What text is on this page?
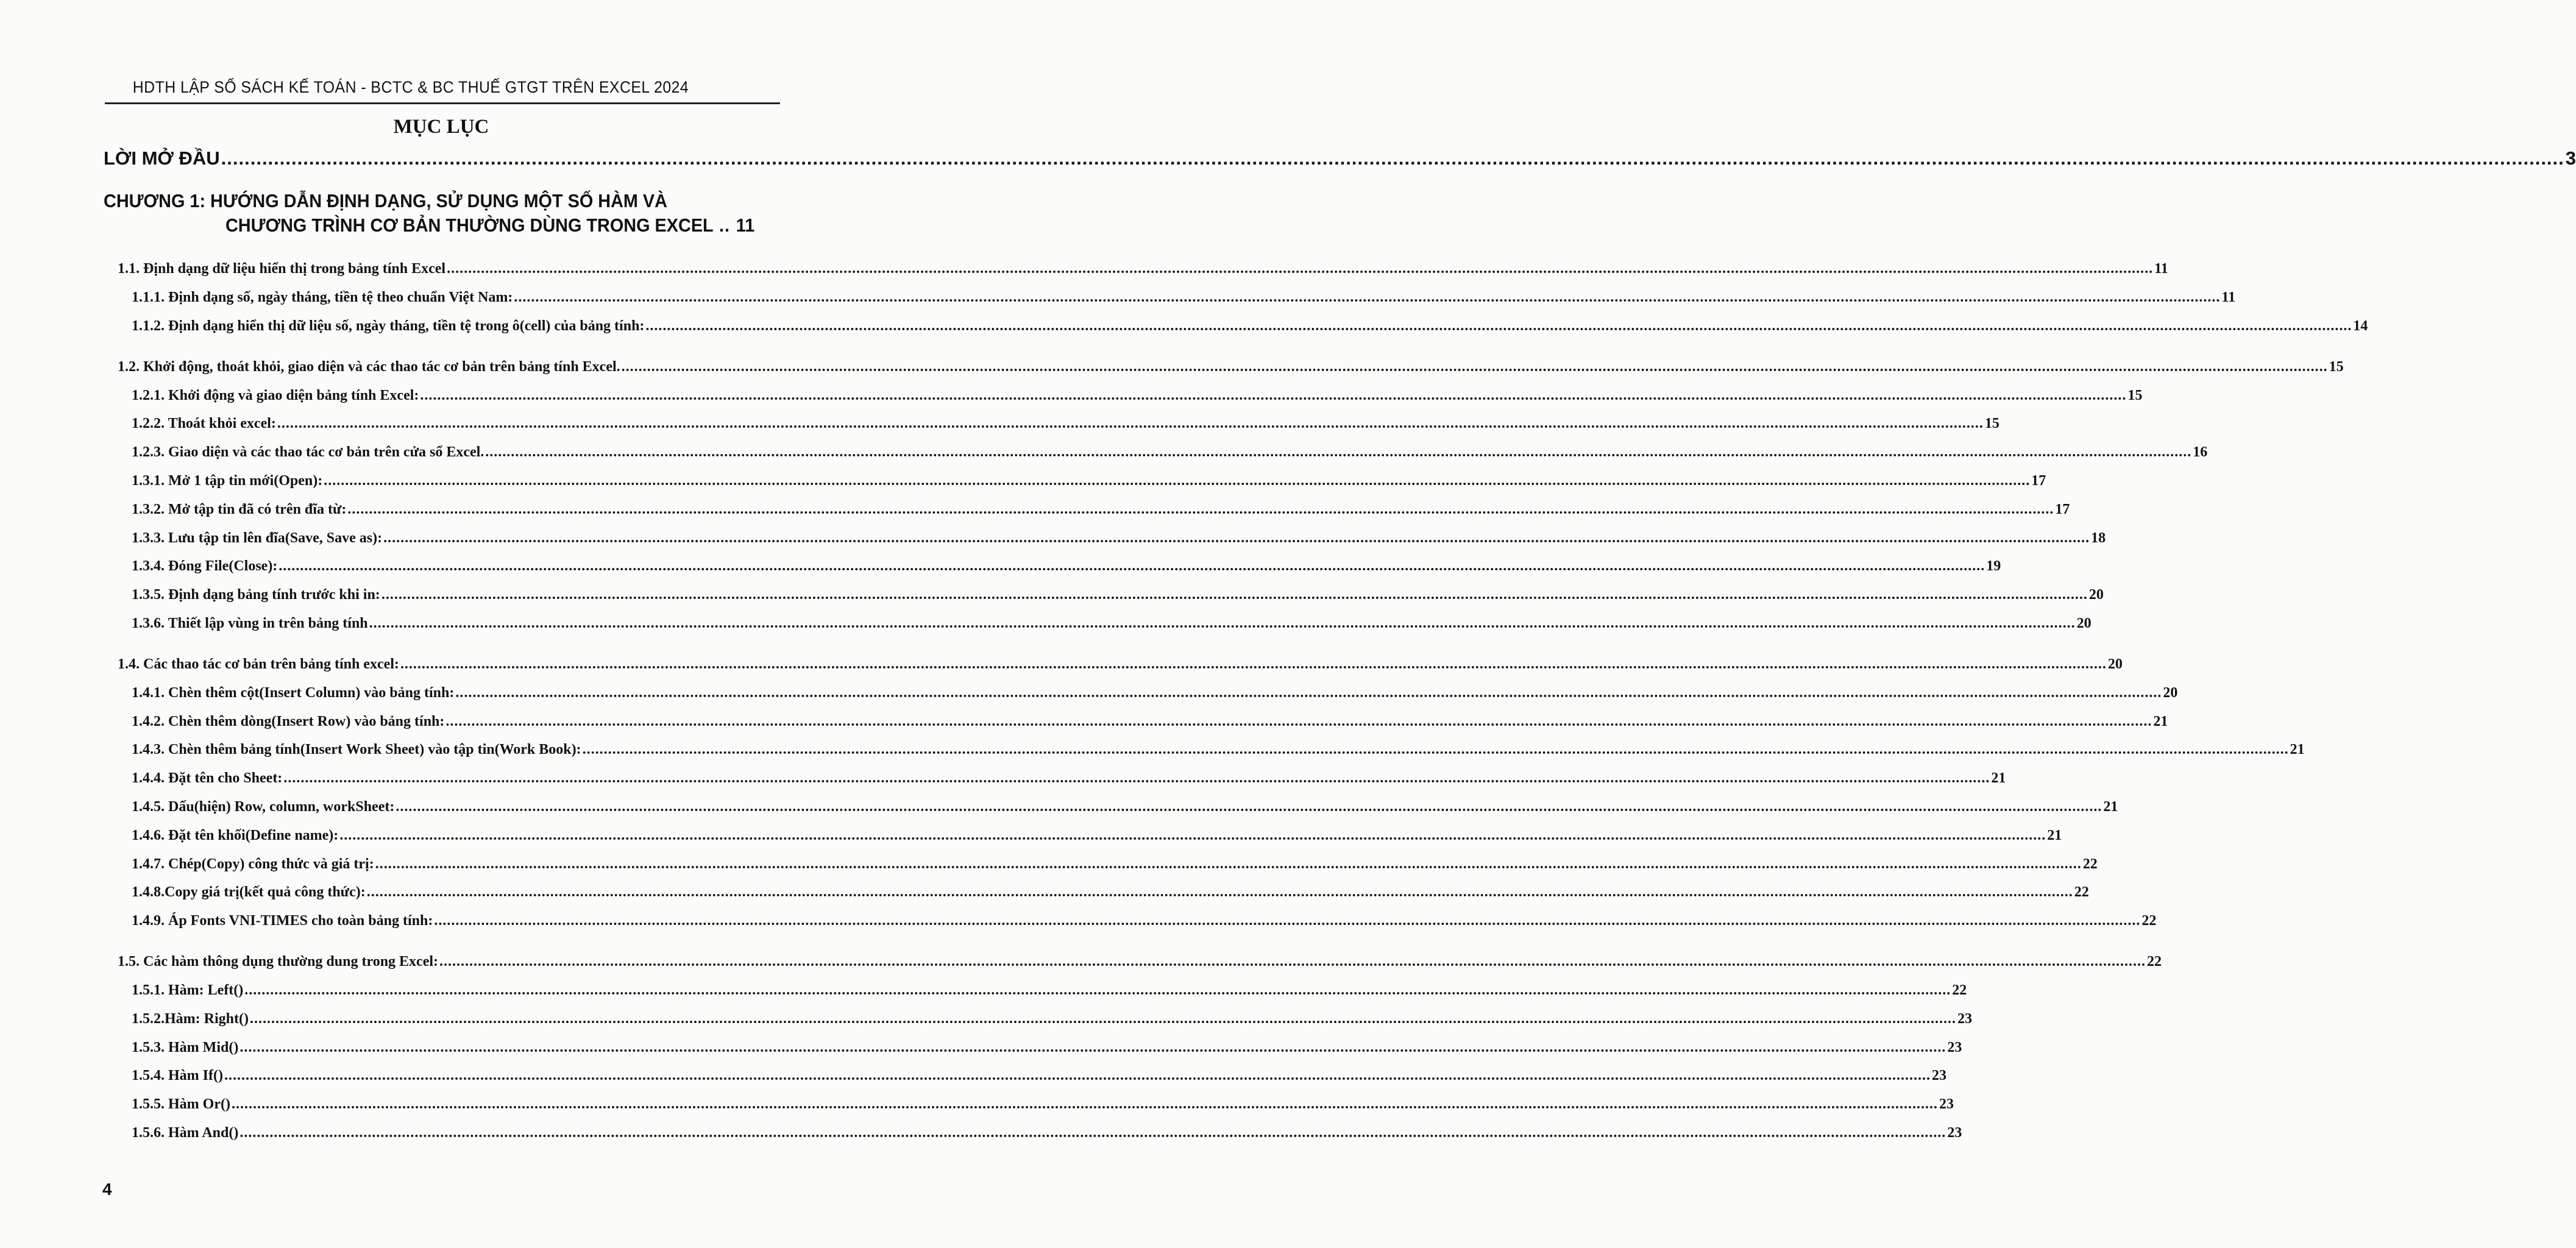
HDTH LẬP SỔ SÁCH KẾ TOÁN - BCTC & BC THUẾ GTGT TRÊN EXCEL 2024
MỤC LỤC
LỜI MỞ ĐẦU ................................................................................................................................................................................................................................................................................................................................................................................................................ 3
CHƯƠNG 1: HƯỚNG DẪN ĐỊNH DẠNG, SỬ DỤNG MỘT SỐ HÀM VÀ
CHƯƠNG TRÌNH CƠ BẢN THƯỜNG DÙNG TRONG EXCEL .. 11
1.1. Định dạng dữ liệu hiển thị trong bảng tính Excel ................................................................................................................................................................................................................................................................................................................................................................................................................ 11
1.1.1. Định dạng số, ngày tháng, tiền tệ theo chuẩn Việt Nam: ................................................................................................................................................................................................................................................................................................................................................................................................................ 11
1.1.2. Định dạng hiển thị dữ liệu số, ngày tháng, tiền tệ trong ô(cell) của bảng tính: ................................................................................................................................................................................................................................................................................................................................................................................................................ 14
1.2. Khởi động, thoát khỏi, giao diện và các thao tác cơ bản trên bảng tính Excel. ................................................................................................................................................................................................................................................................................................................................................................................................................ 15
1.2.1. Khởi động và giao diện bảng tính Excel: ................................................................................................................................................................................................................................................................................................................................................................................................................ 15
1.2.2. Thoát khỏi excel: ................................................................................................................................................................................................................................................................................................................................................................................................................ 15
1.2.3. Giao diện và các thao tác cơ bản trên cửa sổ Excel. ................................................................................................................................................................................................................................................................................................................................................................................................................ 16
1.3.1. Mở 1 tập tin mới(Open): ................................................................................................................................................................................................................................................................................................................................................................................................................ 17
1.3.2. Mở tập tin đã có trên đĩa từ: ................................................................................................................................................................................................................................................................................................................................................................................................................ 17
1.3.3. Lưu tập tin lên đĩa(Save, Save as): ................................................................................................................................................................................................................................................................................................................................................................................................................ 18
1.3.4. Đóng File(Close): ................................................................................................................................................................................................................................................................................................................................................................................................................ 19
1.3.5. Định dạng bảng tính trước khi in: ................................................................................................................................................................................................................................................................................................................................................................................................................ 20
1.3.6. Thiết lập vùng in trên bảng tính ................................................................................................................................................................................................................................................................................................................................................................................................................ 20
1.4. Các thao tác cơ bản trên bảng tính excel: ................................................................................................................................................................................................................................................................................................................................................................................................................ 20
1.4.1. Chèn thêm cột(Insert Column) vào bảng tính: ................................................................................................................................................................................................................................................................................................................................................................................................................ 20
1.4.2. Chèn thêm dòng(Insert Row) vào bảng tính: ................................................................................................................................................................................................................................................................................................................................................................................................................ 21
1.4.3. Chèn thêm bảng tính(Insert Work Sheet) vào tập tin(Work Book): ................................................................................................................................................................................................................................................................................................................................................................................................................ 21
1.4.4. Đặt tên cho Sheet: ................................................................................................................................................................................................................................................................................................................................................................................................................ 21
1.4.5. Dấu(hiện) Row, column, workSheet: ................................................................................................................................................................................................................................................................................................................................................................................................................ 21
1.4.6. Đặt tên khối(Define name): ................................................................................................................................................................................................................................................................................................................................................................................................................ 21
1.4.7. Chép(Copy) công thức và giá trị: ................................................................................................................................................................................................................................................................................................................................................................................................................ 22
1.4.8.Copy giá trị(kết quả công thức): ................................................................................................................................................................................................................................................................................................................................................................................................................ 22
1.4.9. Áp Fonts VNI-TIMES cho toàn bảng tính: ................................................................................................................................................................................................................................................................................................................................................................................................................ 22
1.5. Các hàm thông dụng thường dung trong Excel: ................................................................................................................................................................................................................................................................................................................................................................................................................ 22
1.5.1. Hàm: Left() ................................................................................................................................................................................................................................................................................................................................................................................................................ 22
1.5.2.Hàm: Right() ................................................................................................................................................................................................................................................................................................................................................................................................................ 23
1.5.3. Hàm Mid() ................................................................................................................................................................................................................................................................................................................................................................................................................ 23
1.5.4. Hàm If() ................................................................................................................................................................................................................................................................................................................................................................................................................ 23
1.5.5. Hàm Or() ................................................................................................................................................................................................................................................................................................................................................................................................................ 23
1.5.6. Hàm And() ................................................................................................................................................................................................................................................................................................................................................................................................................ 23
4
